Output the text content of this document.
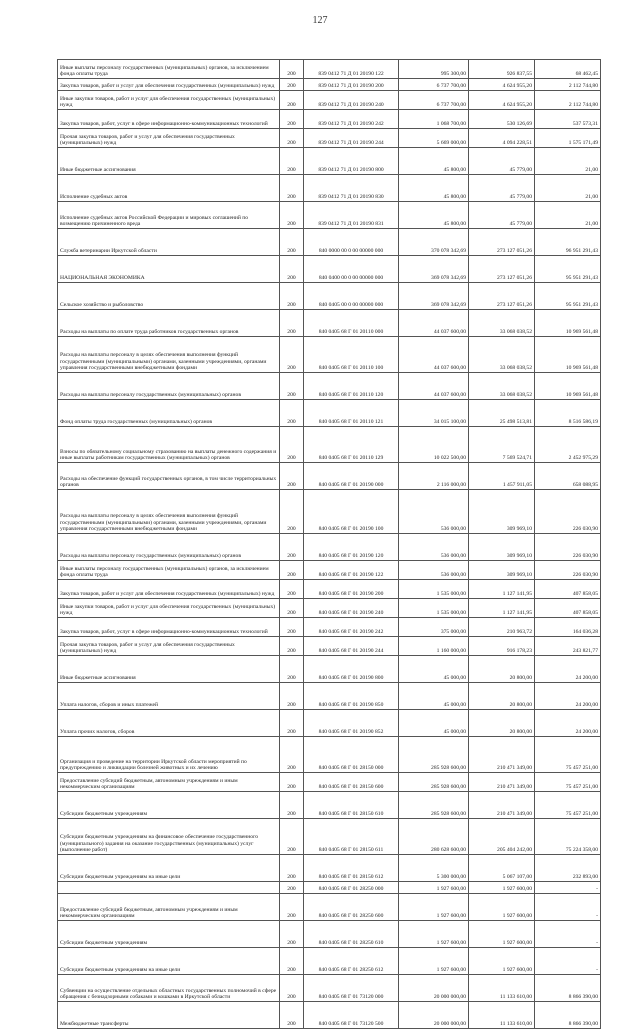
127
Иные выплаты персоналу государственных (муниципальных) органов, за исключением фонда оплаты труда	200	839 0412 71 Д 01 20190 122	995 300,00	926 837,55	68 462,45
Закупка товаров, работ и услуг для обеспечения государственных (муниципальных) нужд	200	839 0412 71 Д 01 20190 200	6 737 700,00	4 624 955,20	2 112 744,80
Иные закупки товаров, работ и услуг для обеспечения государственных (муниципальных) нужд	200	839 0412 71 Д 01 20190 240	6 737 700,00	4 624 955,20	2 112 744,80
Закупка товаров, работ, услуг в сфере информационно-коммуникационных технологий	200	839 0412 71 Д 01 20190 242	1 068 700,00	530 126,69	537 573,31
Прочая закупка товаров, работ и услуг для обеспечения государственных (муниципальных) нужд	200	839 0412 71 Д 01 20190 244	5 669 000,00	4 094 228,51	1 575 171,49
Иные бюджетные ассигнования	200	839 0412 71 Д 01 20190 800	45 800,00	45 779,00	21,00
Исполнение судебных актов	200	839 0412 71 Д 01 20190 830	45 800,00	45 779,00	21,00
Исполнение судебных актов Российской Федерации и мировых соглашений по возмещению причиненного вреда	200	839 0412 71 Д 01 20190 831	45 800,00	45 779,00	21,00
Служба ветеринарии Иркутской области	200	840 0000 00 0 00 00000 000	370 078 342,69	273 127 051,26	96 951 291,43
НАЦИОНАЛЬНАЯ ЭКОНОМИКА	200	840 0400 00 0 00 00000 000	369 078 342,69	273 127 051,26	95 951 291,43
Сельское хозяйство и рыболовство	200	840 0405 00 0 00 00000 000	369 078 342,69	273 127 051,26	95 951 291,43
Расходы на выплаты по оплате труда работников государственных органов	200	840 0405 68 Г 01 20110 000	44 037 600,00	33 068 038,52	10 969 561,48
Расходы на выплаты персоналу в целях обеспечения выполнения функций государственными (муниципальными) органами, казенными учреждениями, органами управления государственными внебюджетными фондами	200	840 0405 68 Г 01 20110 100	44 037 600,00	33 068 038,52	10 969 561,48
Расходы на выплаты персоналу государственных (муниципальных) органов	200	840 0405 68 Г 01 20110 120	44 037 600,00	33 068 038,52	10 969 561,48
Фонд оплаты труда государственных (муниципальных) органов	200	840 0405 68 Г 01 20110 121	34 015 100,00	25 498 513,81	8 516 586,19
Взносы по обязательному социальному страхованию на выплаты денежного содержания и иные выплаты работникам государственных (муниципальных) органов	200	840 0405 68 Г 01 20110 129	10 022 500,00	7 569 524,71	2 452 975,29
Расходы на обеспечение функций государственных органов, в том числе территориальных органов	200	840 0405 68 Г 01 20190 000	2 116 000,00	1 457 911,05	658 088,95
Расходы на выплаты персоналу в целях обеспечения выполнения функций государственными (муниципальными) органами, казенными учреждениями, органами управления государственными внебюджетными фондами	200	840 0405 68 Г 01 20190 100	536 000,00	309 969,10	226 030,90
Расходы на выплаты персоналу государственных (муниципальных) органов	200	840 0405 68 Г 01 20190 120	536 000,00	309 969,10	226 030,90
Иные выплаты персоналу государственных (муниципальных) органов, за исключением фонда оплаты труда	200	840 0405 68 Г 01 20190 122	536 000,00	309 969,10	226 030,90
Закупка товаров, работ и услуг для обеспечения государственных (муниципальных) нужд	200	840 0405 68 Г 01 20190 200	1 535 000,00	1 127 141,95	407 858,05
Иные закупки товаров, работ и услуг для обеспечения государственных (муниципальных) нужд	200	840 0405 68 Г 01 20190 240	1 535 000,00	1 127 141,95	407 858,05
Закупка товаров, работ, услуг в сфере информационно-коммуникационных технологий	200	840 0405 68 Г 01 20190 242	375 000,00	210 963,72	164 036,28
Прочая закупка товаров, работ и услуг для обеспечения государственных (муниципальных) нужд	200	840 0405 68 Г 01 20190 244	1 160 000,00	916 178,23	243 821,77
Иные бюджетные ассигнования	200	840 0405 68 Г 01 20190 800	45 000,00	20 800,00	24 200,00
Уплата налогов, сборов и иных платежей	200	840 0405 68 Г 01 20190 850	45 000,00	20 800,00	24 200,00
Уплата прочих налогов, сборов	200	840 0405 68 Г 01 20190 852	45 000,00	20 800,00	24 200,00
Организация и проведение на территории Иркутской области мероприятий по предупреждению и ликвидации болезней животных и их лечению	200	840 0405 68 Г 01 28150 000	285 928 600,00	210 471 349,00	75 457 251,00
Предоставление субсидий бюджетным, автономным учреждениям и иным некоммерческим организациям	200	840 0405 68 Г 01 28150 600	285 928 600,00	210 471 349,00	75 457 251,00
Субсидии бюджетным учреждениям	200	840 0405 68 Г 01 28150 610	285 928 600,00	210 471 349,00	75 457 251,00
Субсидии бюджетным учреждениям на финансовое обеспечение государственного (муниципального) задания на оказание государственных (муниципальных) услуг (выполнение работ)	200	840 0405 68 Г 01 28150 611	280 628 600,00	205 404 242,00	75 224 358,00
Субсидии бюджетным учреждениям на иные цели	200	840 0405 68 Г 01 28150 612	5 300 000,00	5 067 107,00	232 893,00
	200	840 0405 68 Г 01 28250 000	1 927 600,00	1 927 600,00	-
Предоставление субсидий бюджетным, автономным учреждениям и иным некоммерческим организациям	200	840 0405 68 Г 01 28250 600	1 927 600,00	1 927 600,00	-
Субсидии бюджетным учреждениям	200	840 0405 68 Г 01 28250 610	1 927 600,00	1 927 600,00	-
Субсидии бюджетным учреждениям на иные цели	200	840 0405 68 Г 01 28250 612	1 927 600,00	1 927 600,00	-
Субвенции на осуществление отдельных областных государственных полномочий в сфере обращения с безнадзорными собаками и кошками в Иркутской области	200	840 0405 68 Г 01 73120 000	20 000 000,00	11 133 610,00	8 866 390,00
Межбюджетные трансферты	200	840 0405 68 Г 01 73120 500	20 000 000,00	11 133 610,00	8 866 390,00
